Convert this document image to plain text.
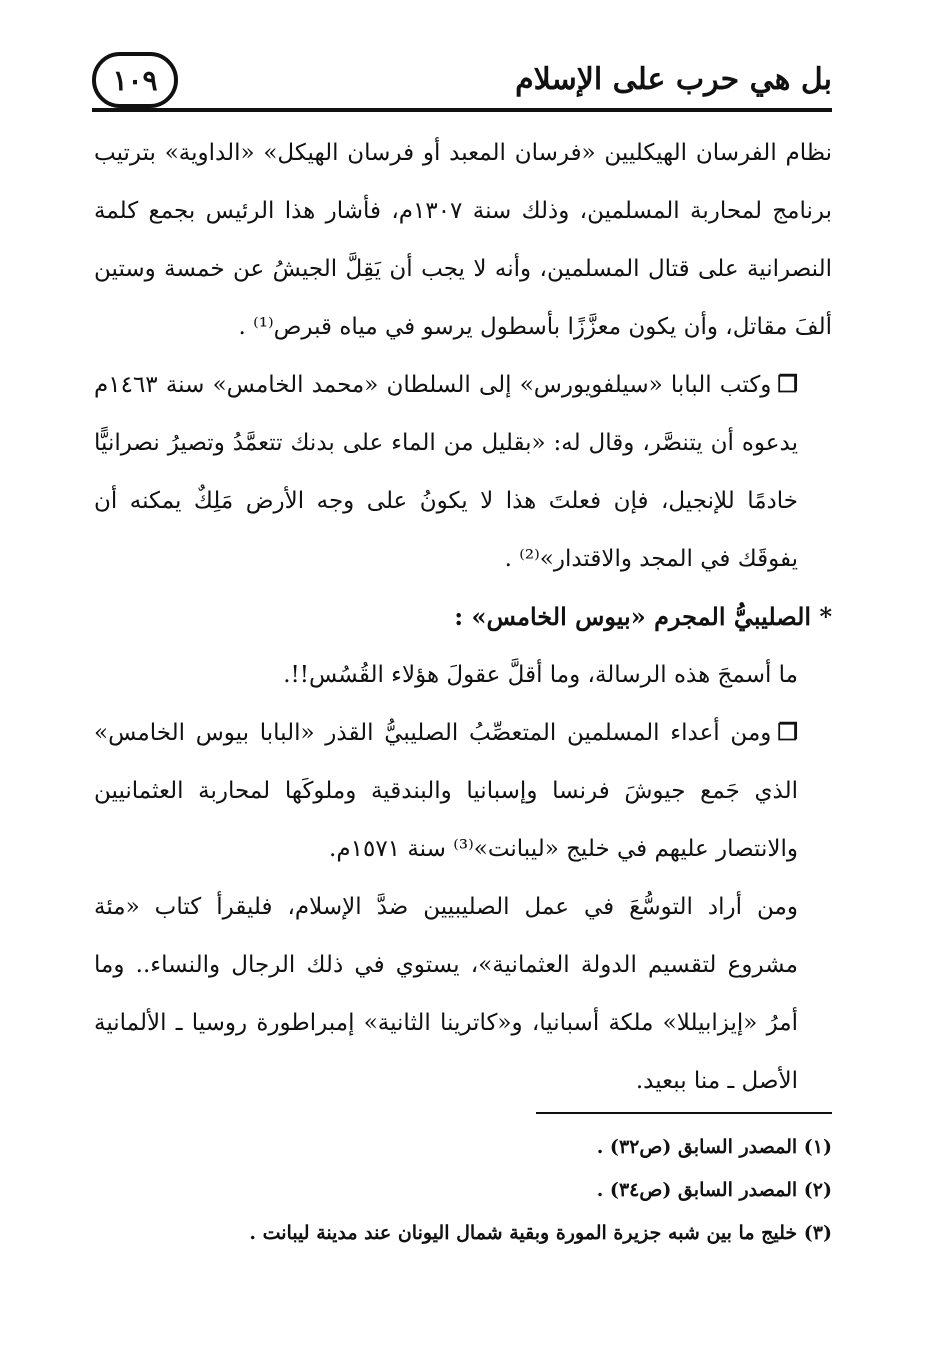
بل هي حرب على الإسلام
١٠٩

نظام الفرسان الهيكليين «فرسان المعبد أو فرسان الهيكل» «الداوية» بترتيب برنامج لمحاربة المسلمين، وذلك سنة ١٣٠٧م، فأشار هذا الرئيس بجمع كلمة النصرانية على قتال المسلمين، وأنه لا يجب أن يَقِلَّ الجيشُ عن خمسة وستين ألفَ مقاتل، وأن يكون معزَّزًا بأسطول يرسو في مياه قبرص⁽¹⁾ .

❐وكتب البابا «سيلفويورس» إلى السلطان «محمد الخامس» سنة ١٤٦٣م يدعوه أن يتنصَّر، وقال له: «بقليل من الماء على بدنك تتعمَّدُ وتصيرُ نصرانيًّا خادمًا للإنجيل، فإن فعلتَ هذا لا يكونُ على وجه الأرض مَلِكٌ يمكنه أن يفوقَك في المجد والاقتدار»⁽²⁾ .

* الصليبيُّ المجرم «بيوس الخامس» :

ما أسمجَ هذه الرسالة، وما أقلَّ عقولَ هؤلاء القُسُس!!.

❐ومن أعداء المسلمين المتعصِّبُ الصليبيُّ القذر «البابا بيوس الخامس» الذي جَمع جيوشَ فرنسا وإسبانيا والبندقية وملوكَها لمحاربة العثمانيين والانتصار عليهم في خليج «ليبانت»⁽³⁾ سنة ١٥٧١م.

ومن أراد التوسُّعَ في عمل الصليبيين ضدَّ الإسلام، فليقرأ كتاب «مئة مشروع لتقسيم الدولة العثمانية»، يستوي في ذلك الرجال والنساء.. وما أمرُ «إيزابيللا» ملكة أسبانيا، و«كاترينا الثانية» إمبراطورة روسيا ـ الألمانية الأصل ـ منا ببعيد.

(١) المصدر السابق (ص٣٢) .

(٢) المصدر السابق (ص٣٤) .

(٣) خليج ما بين شبه جزيرة المورة وبقية شمال اليونان عند مدينة ليبانت .
